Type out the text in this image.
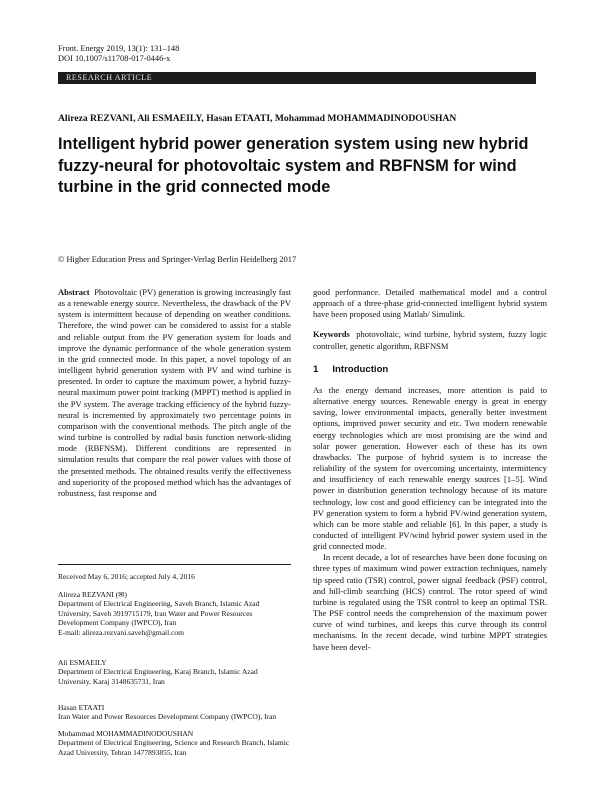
Front. Energy 2019, 13(1): 131–148
DOI 10.1007/s11708-017-0446-x
RESEARCH ARTICLE
Alireza REZVANI, Ali ESMAEILY, Hasan ETAATI, Mohammad MOHAMMADINODOUSHAN
Intelligent hybrid power generation system using new hybrid fuzzy-neural for photovoltaic system and RBFNSM for wind turbine in the grid connected mode
© Higher Education Press and Springer-Verlag Berlin Heidelberg 2017

Abstract Photovoltaic (PV) generation is growing increasingly fast as a renewable energy source. Nevertheless, the drawback of the PV system is intermittent because of depending on weather conditions. Therefore, the wind power can be considered to assist for a stable and reliable output from the PV generation system for loads and improve the dynamic performance of the whole generation system in the grid connected mode. In this paper, a novel topology of an intelligent hybrid generation system with PV and wind turbine is presented. In order to capture the maximum power, a hybrid fuzzy-neural maximum power point tracking (MPPT) method is applied in the PV system. The average tracking efficiency of the hybrid fuzzy-neural is incremented by approximately two percentage points in comparison with the conventional methods. The pitch angle of the wind turbine is controlled by radial basis function network-sliding mode (RBFNSM). Different conditions are represented in simulation results that compare the real power values with those of the presented methods. The obtained results verify the effectiveness and superiority of the proposed method which has the advantages of robustness, fast response and

good performance. Detailed mathematical model and a control approach of a three-phase grid-connected intelligent hybrid system have been proposed using Matlab/ Simulink.

Keywords photovoltaic, wind turbine, hybrid system, fuzzy logic controller, genetic algorithm, RBFNSM

1 Introduction

As the energy demand increases, more attention is paid to alternative energy sources. Renewable energy is great in energy saving, lower environmental impacts, generally better investment options, improved power security and etc. Two modern renewable energy technologies which are most promising are the wind and solar power generation. However each of these has its own drawbacks. The purpose of hybrid system is to increase the reliability of the system for overcoming uncertainty, intermittency and insufficiency of each renewable energy sources [1–5]. Wind power in distribution generation technology because of its mature technology, low cost and good efficiency can be integrated into the PV generation system to form a hybrid PV/wind generation system, which can be more stable and reliable [6]. In this paper, a study is conducted of intelligent PV/wind hybrid power system used in the grid connected mode.

In recent decade, a lot of researches have been done focusing on three types of maximum wind power extraction techniques, namely tip speed ratio (TSR) control, power signal feedback (PSF) control, and hill-climb searching (HCS) control. The rotor speed of wind turbine is regulated using the TSR control to keep an optimal TSR. The PSF control needs the comprehension of the maximum power curve of wind turbines, and keeps this curve through its control mechanisms. In the recent decade, wind turbine MPPT strategies have been devel-

Received May 6, 2016; accepted July 4, 2016
Alireza REZVANI (✉)
Department of Electrical Engineering, Saveh Branch, Islamic Azad University, Saveh 3919715179, Iran Water and Power Resources Development Company (IWPCO), Iran
E-mail: alireza.rezvani.saveh@gmail.com
Ali ESMAEILY
Department of Electrical Engineering, Karaj Branch, Islamic Azad University, Karaj 3148635731, Iran
Hasan ETAATI
Iran Water and Power Resources Development Company (IWPCO), Iran
Mohammad MOHAMMADINODOUSHAN
Department of Electrical Engineering, Science and Research Branch, Islamic Azad University, Tehran 1477893855, Iran
